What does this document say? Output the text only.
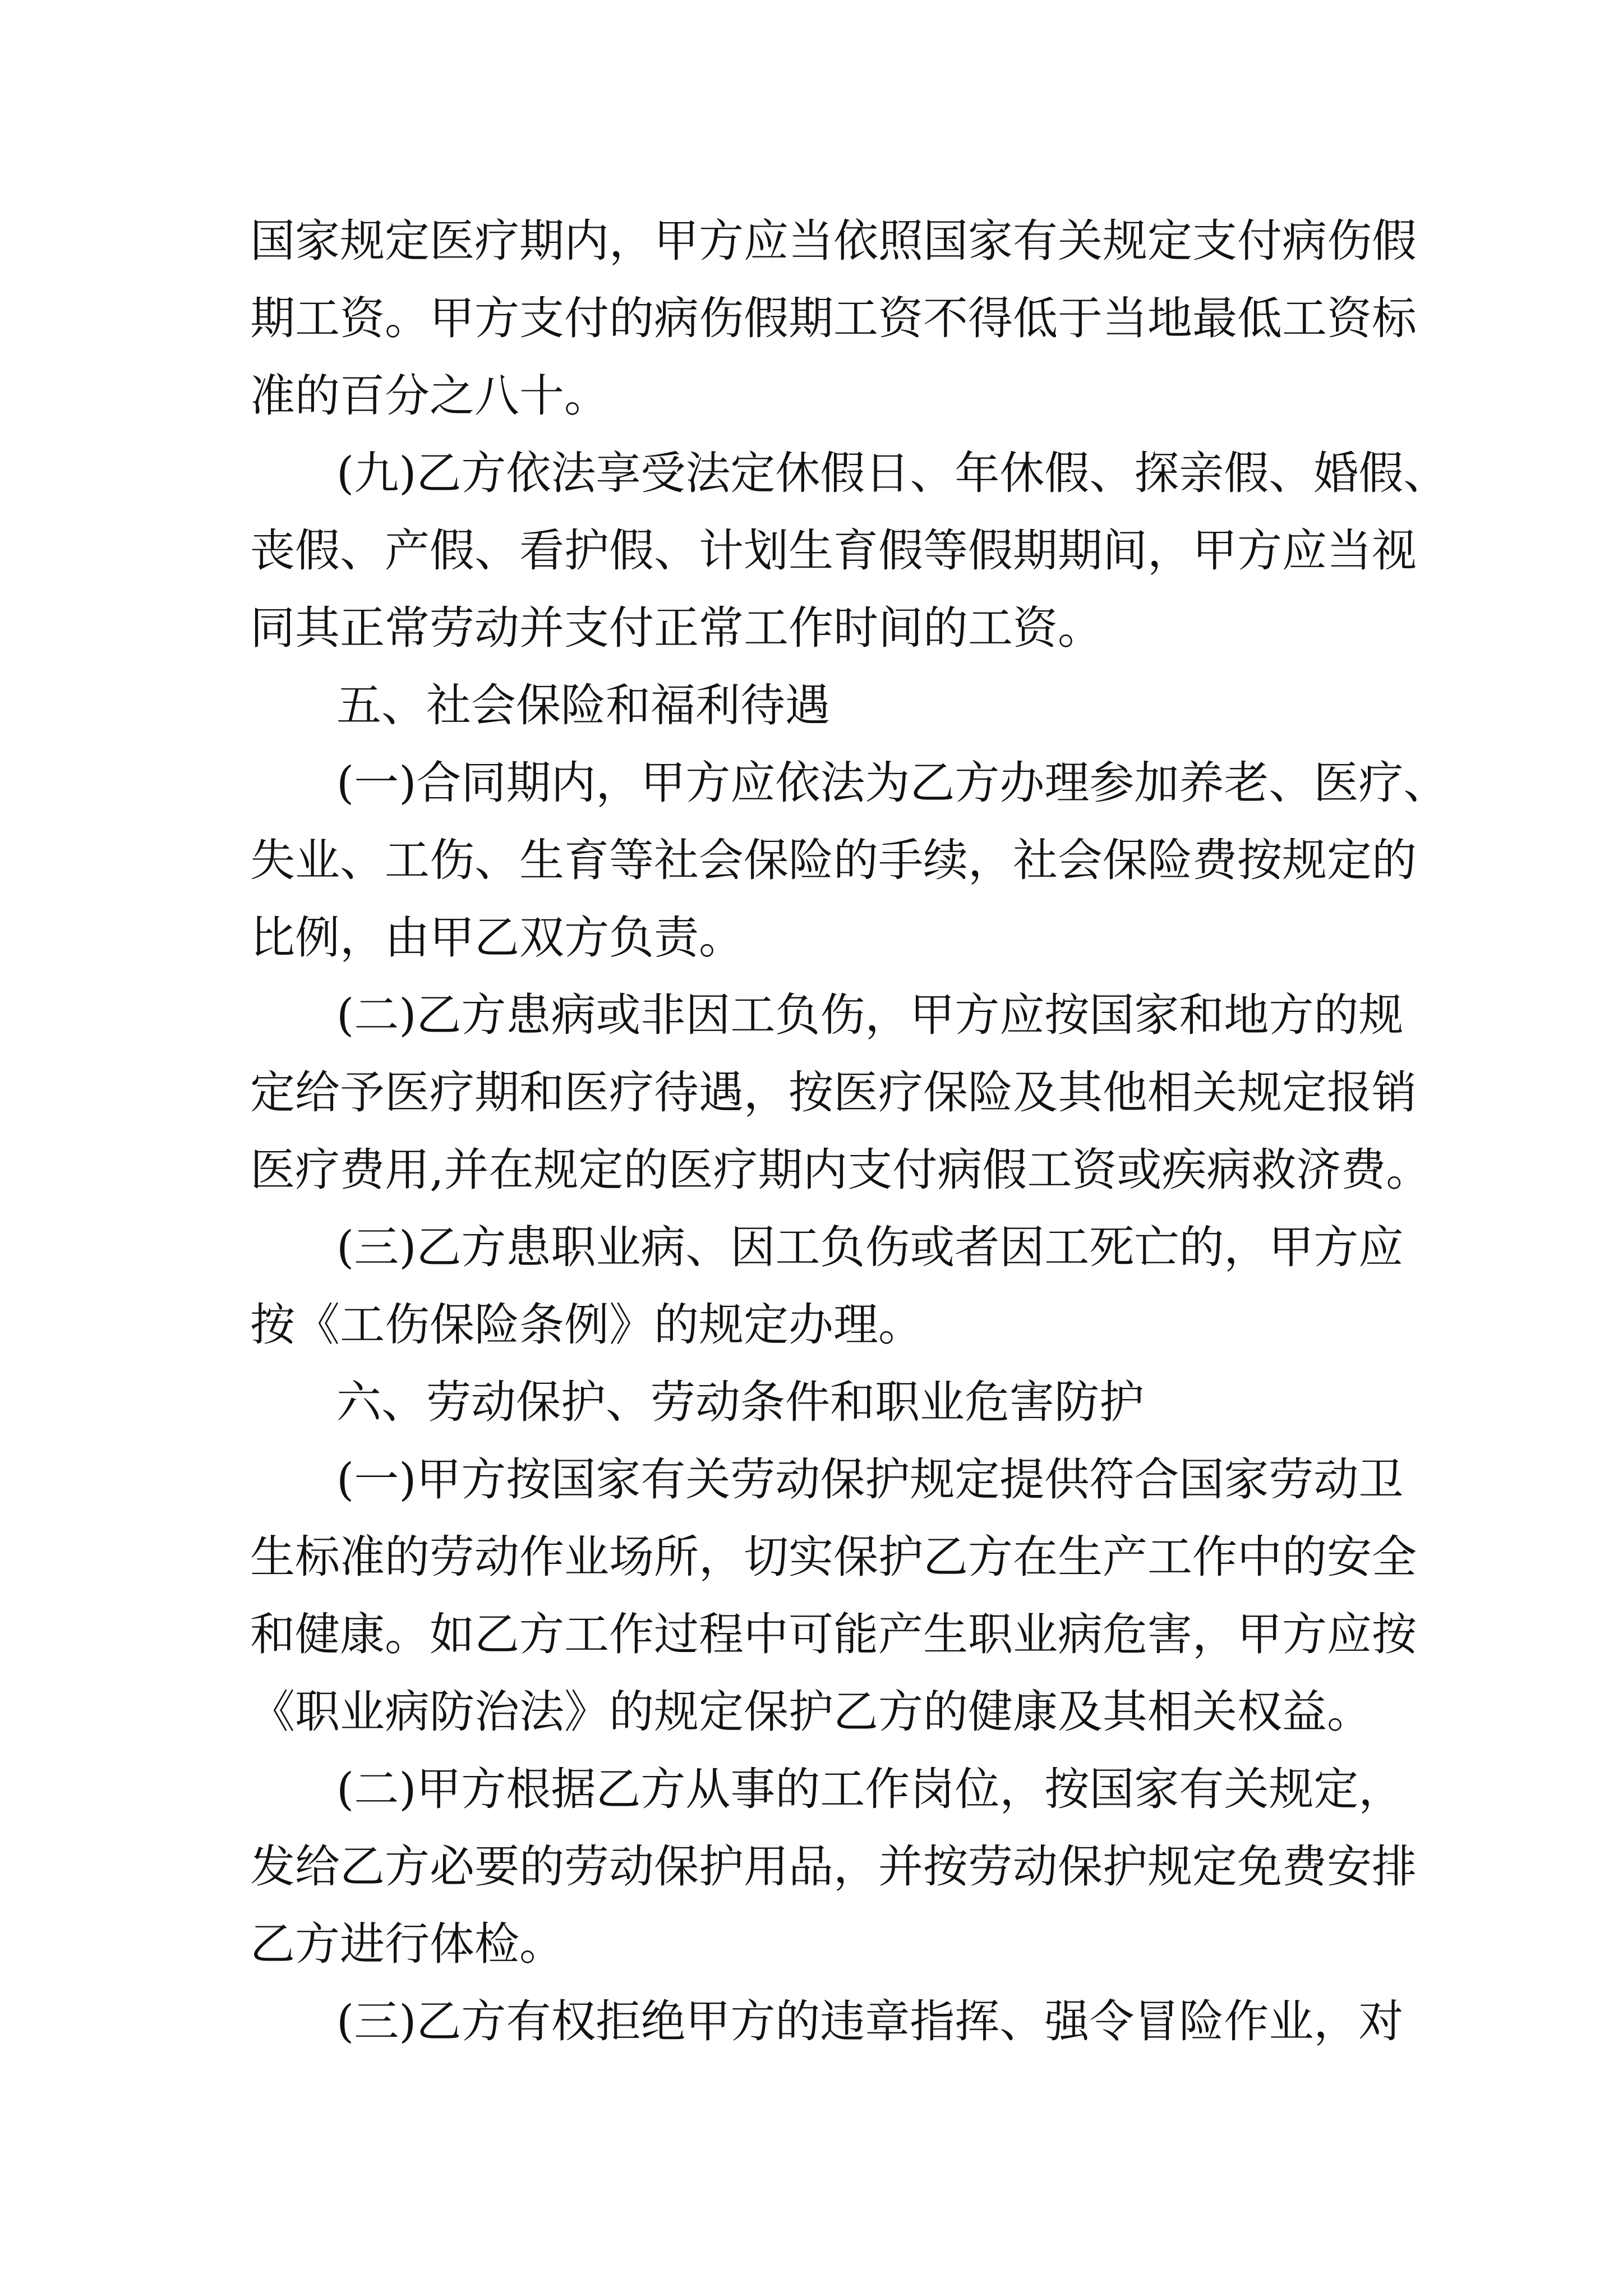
国家规定医疗期内，甲方应当依照国家有关规定支付病伤假

期工资。甲方支付的病伤假期工资不得低于当地最低工资标

准的百分之八十。

(九)乙方依法享受法定休假日、年休假、探亲假、婚假、

丧假、产假、看护假、计划生育假等假期期间，甲方应当视

同其正常劳动并支付正常工作时间的工资。

五、社会保险和福利待遇

(一)合同期内，甲方应依法为乙方办理参加养老、医疗、

失业、工伤、生育等社会保险的手续，社会保险费按规定的

比例，由甲乙双方负责。

(二)乙方患病或非因工负伤，甲方应按国家和地方的规

定给予医疗期和医疗待遇，按医疗保险及其他相关规定报销

医疗费用,并在规定的医疗期内支付病假工资或疾病救济费。

(三)乙方患职业病、因工负伤或者因工死亡的，甲方应

按《工伤保险条例》的规定办理。

六、劳动保护、劳动条件和职业危害防护

(一)甲方按国家有关劳动保护规定提供符合国家劳动卫

生标准的劳动作业场所，切实保护乙方在生产工作中的安全

和健康。如乙方工作过程中可能产生职业病危害，甲方应按

《职业病防治法》的规定保护乙方的健康及其相关权益。

(二)甲方根据乙方从事的工作岗位，按国家有关规定，

发给乙方必要的劳动保护用品，并按劳动保护规定免费安排

乙方进行体检。

(三)乙方有权拒绝甲方的违章指挥、强令冒险作业，对
